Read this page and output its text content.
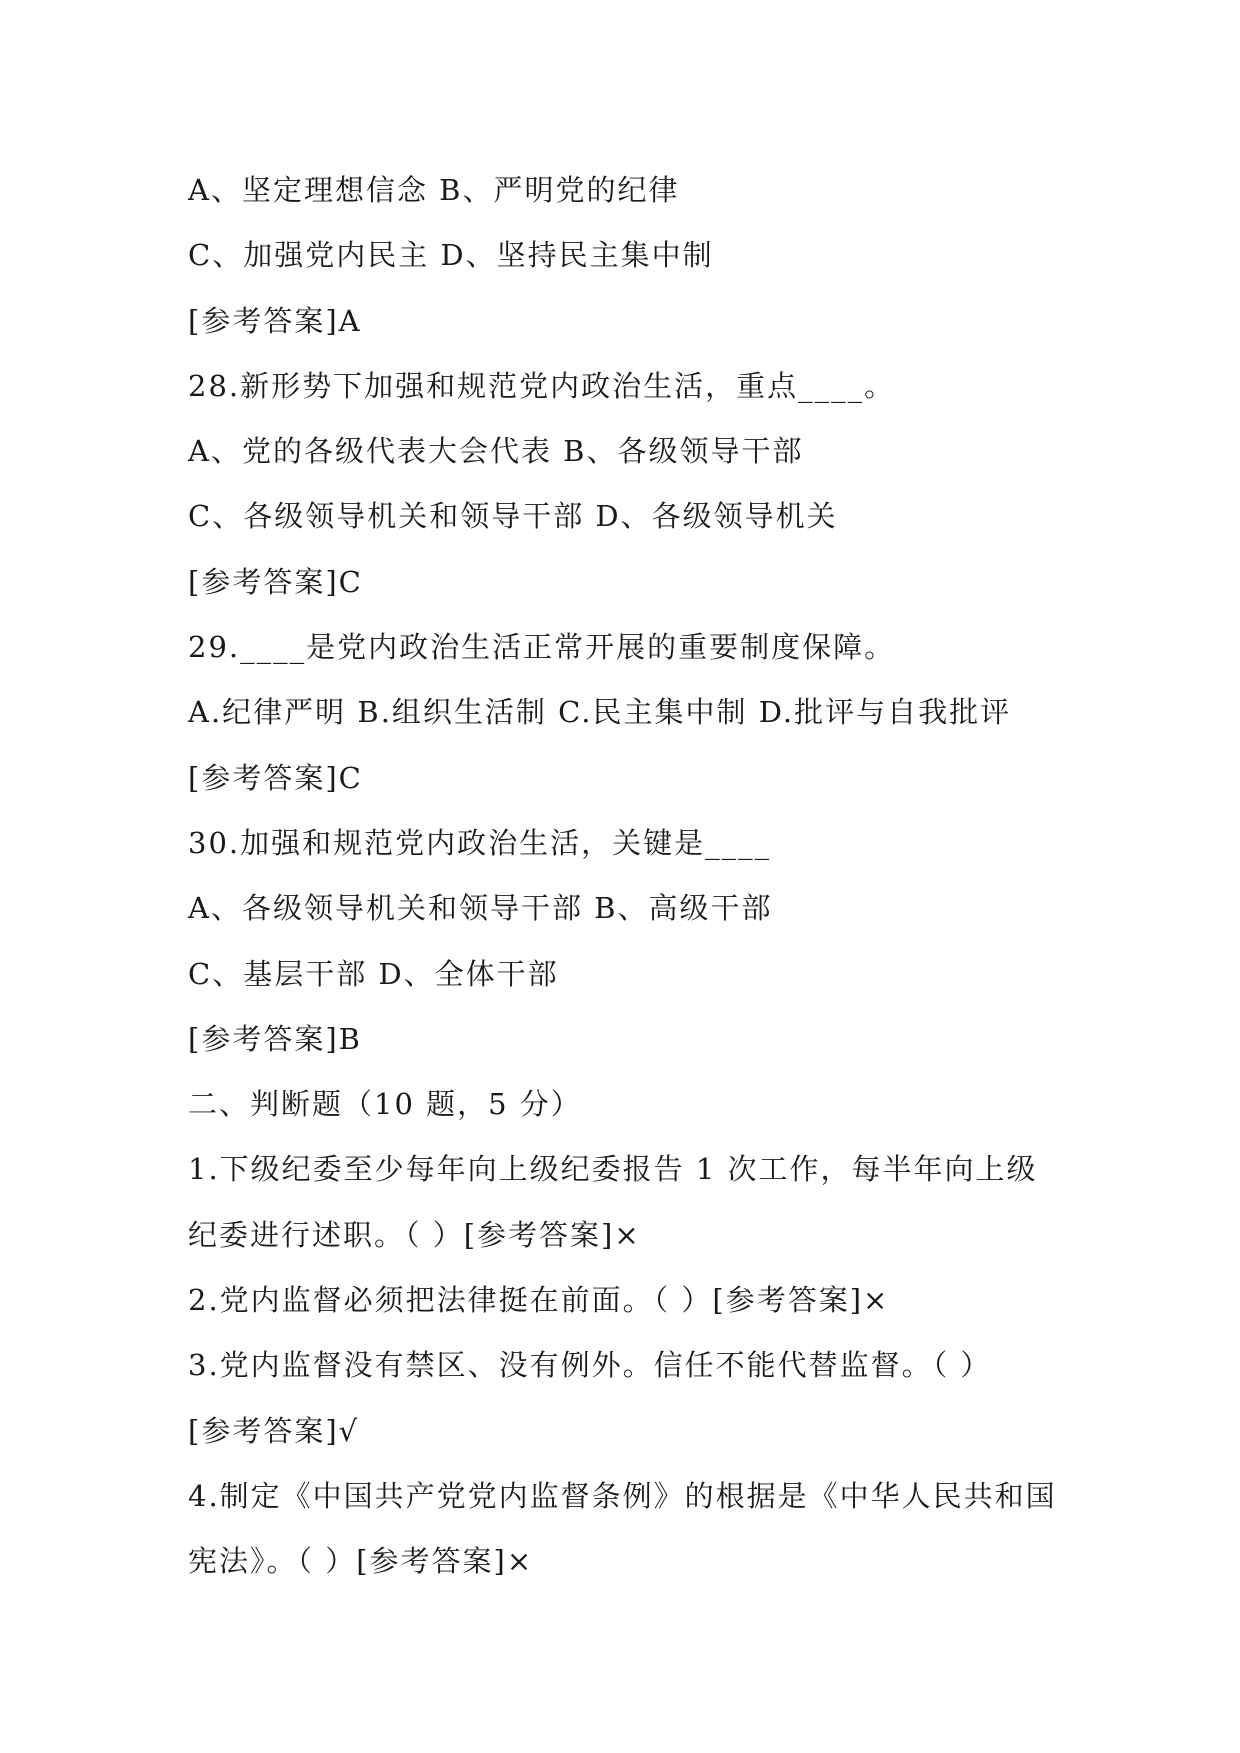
A、坚定理想信念 B、严明党的纪律
C、加强党内民主 D、坚持民主集中制
[参考答案]A
28.新形势下加强和规范党内政治生活，重点____。
A、党的各级代表大会代表 B、各级领导干部
C、各级领导机关和领导干部 D、各级领导机关
[参考答案]C
29.____是党内政治生活正常开展的重要制度保障。
A.纪律严明 B.组织生活制 C.民主集中制 D.批评与自我批评
[参考答案]C
30.加强和规范党内政治生活，关键是____
A、各级领导机关和领导干部 B、高级干部
C、基层干部 D、全体干部
[参考答案]B
二、判断题（10 题，5 分）
1.下级纪委至少每年向上级纪委报告 1 次工作，每半年向上级
纪委进行述职。（ ）[参考答案]×
2.党内监督必须把法律挺在前面。（ ）[参考答案]×
3.党内监督没有禁区、没有例外。信任不能代替监督。（ ）
[参考答案]√
4.制定《中国共产党党内监督条例》的根据是《中华人民共和国
宪法》。（ ）[参考答案]×
